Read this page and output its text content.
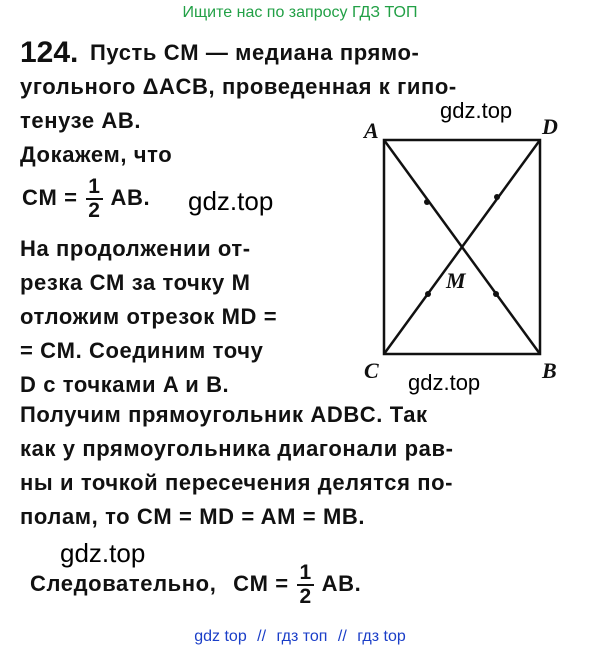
Ищите нас по запросу ГДЗ ТОП
124. Пусть CM — медиана прямо-
угольного ΔACB, проведенная к гипо-
тенузе AB.
Докажем, что
CM = $\frac{1}{2}$ AB.
На продолжении от-
резка CM за точку M
отложим отрезок MD =
= CM. Соединим точу
D с точками A и B.
Получим прямоугольник ADBC. Так
как у прямоугольника диагонали рав-
ны и точкой пересечения делятся по-
полам, то CM = MD = AM = MB.
Следовательно, CM = $\frac{1}{2}$ AB.
A	D
C	B
M
gdz.top
gdz.top
gdz.top
gdz.top
gdz top // гдз топ // гдз top
